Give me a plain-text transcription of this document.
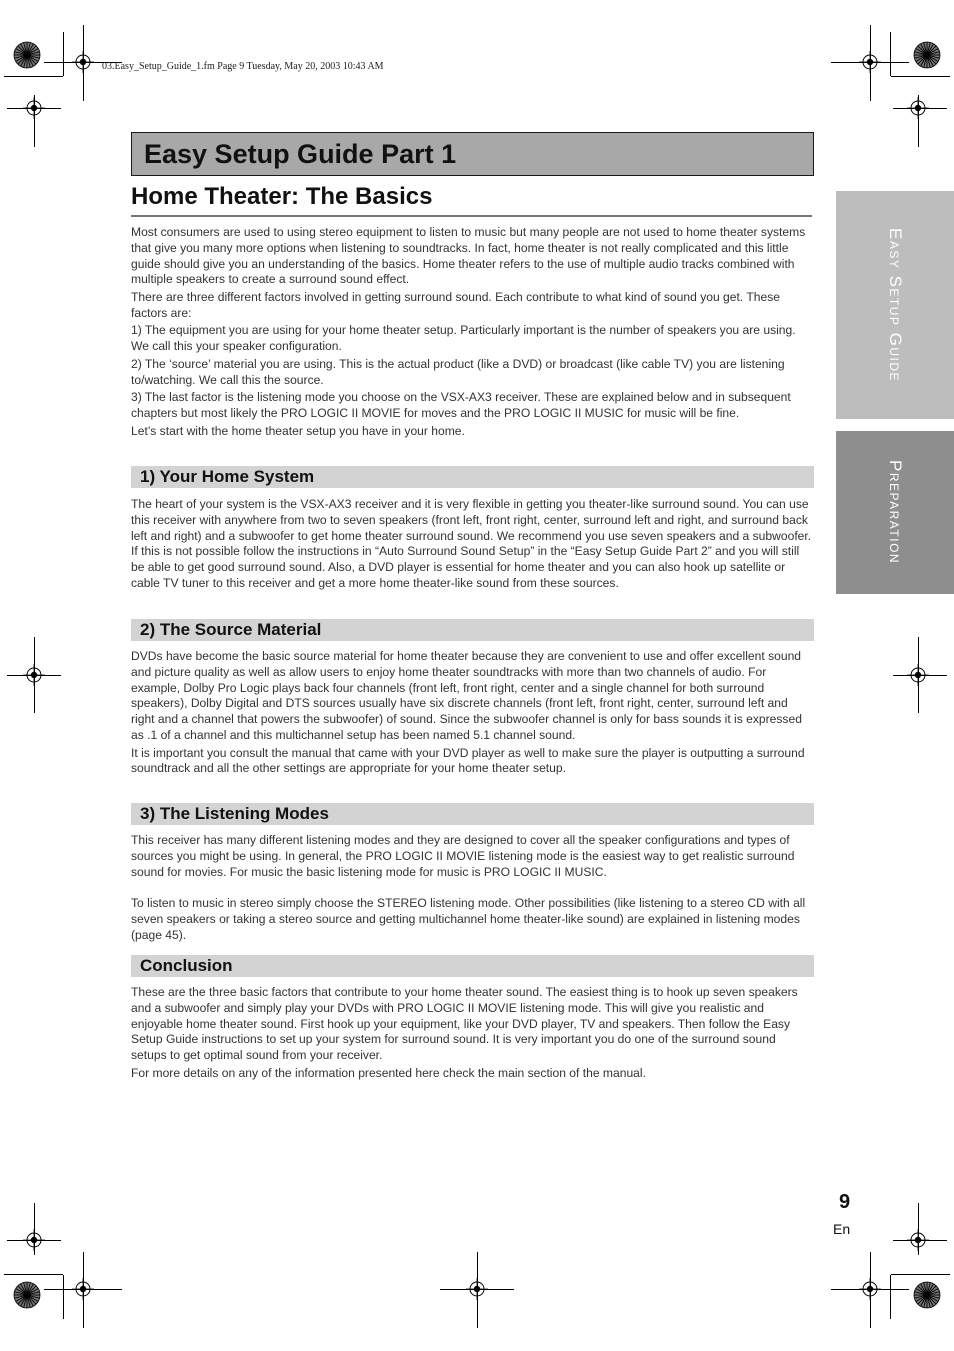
03.Easy_Setup_Guide_1.fm Page 9 Tuesday, May 20, 2003 10:43 AM
Easy Setup Guide Part 1
Home Theater: The Basics

Most consumers are used to using stereo equipment to listen to music but many people are not used to home theater systems that give you many more options when listening to soundtracks. In fact, home theater is not really complicated and this little guide should give you an understanding of the basics. Home theater refers to the use of multiple audio tracks combined with multiple speakers to create a surround sound effect.

There are three different factors involved in getting surround sound. Each contribute to what kind of sound you get. These factors are:

1) The equipment you are using for your home theater setup. Particularly important is the number of speakers you are using. We call this your speaker configuration.

2) The ‘source’ material you are using. This is the actual product (like a DVD) or broadcast (like cable TV) you are listening to/watching. We call this the source.

3) The last factor is the listening mode you choose on the VSX-AX3 receiver. These are explained below and in subsequent chapters but most likely the PRO LOGIC II MOVIE for moves and the PRO LOGIC II MUSIC for music will be fine.

Let’s start with the home theater setup you have in your home.

1) Your Home System

The heart of your system is the VSX-AX3 receiver and it is very flexible in getting you theater-like surround sound. You can use this receiver with anywhere from two to seven speakers (front left, front right, center, surround left and right, and surround back left and right) and a subwoofer to get home theater surround sound. We recommend you use seven speakers and a subwoofer. If this is not possible follow the instructions in “Auto Surround Sound Setup” in the “Easy Setup Guide Part 2” and you will still be able to get good surround sound. Also, a DVD player is essential for home theater and you can also hook up satellite or cable TV tuner to this receiver and get a more home theater-like sound from these sources.

2) The Source Material

DVDs have become the basic source material for home theater because they are convenient to use and offer excellent sound and picture quality as well as allow users to enjoy home theater soundtracks with more than two channels of audio. For example, Dolby Pro Logic plays back four channels (front left, front right, center and a single channel for both surround speakers), Dolby Digital and DTS sources usually have six discrete channels (front left, front right, center, surround left and right and a channel that powers the subwoofer) of sound. Since the subwoofer channel is only for bass sounds it is expressed as .1 of a channel and this multichannel setup has been named 5.1 channel sound.

It is important you consult the manual that came with your DVD player as well to make sure the player is outputting a surround soundtrack and all the other settings are appropriate for your home theater setup.

3) The Listening Modes

This receiver has many different listening modes and they are designed to cover all the speaker configurations and types of sources you might be using. In general, the PRO LOGIC II MOVIE listening mode is the easiest way to get realistic surround sound for movies. For music the basic listening mode for music is PRO LOGIC II MUSIC.

To listen to music in stereo simply choose the STEREO listening mode. Other possibilities (like listening to a stereo CD with all seven speakers or taking a stereo source and getting multichannel home theater-like sound) are explained in listening modes (page 45).

Conclusion

These are the three basic factors that contribute to your home theater sound. The easiest thing is to hook up seven speakers and a subwoofer and simply play your DVDs with PRO LOGIC II MOVIE listening mode. This will give you realistic and enjoyable home theater sound. First hook up your equipment, like your DVD player, TV and speakers. Then follow the Easy Setup Guide instructions to set up your system for surround sound. It is very important you do one of the surround sound setups to get optimal sound from your receiver.

For more details on any of the information presented here check the main section of the manual.

Easy Setup Guide
Preparation
9
En
